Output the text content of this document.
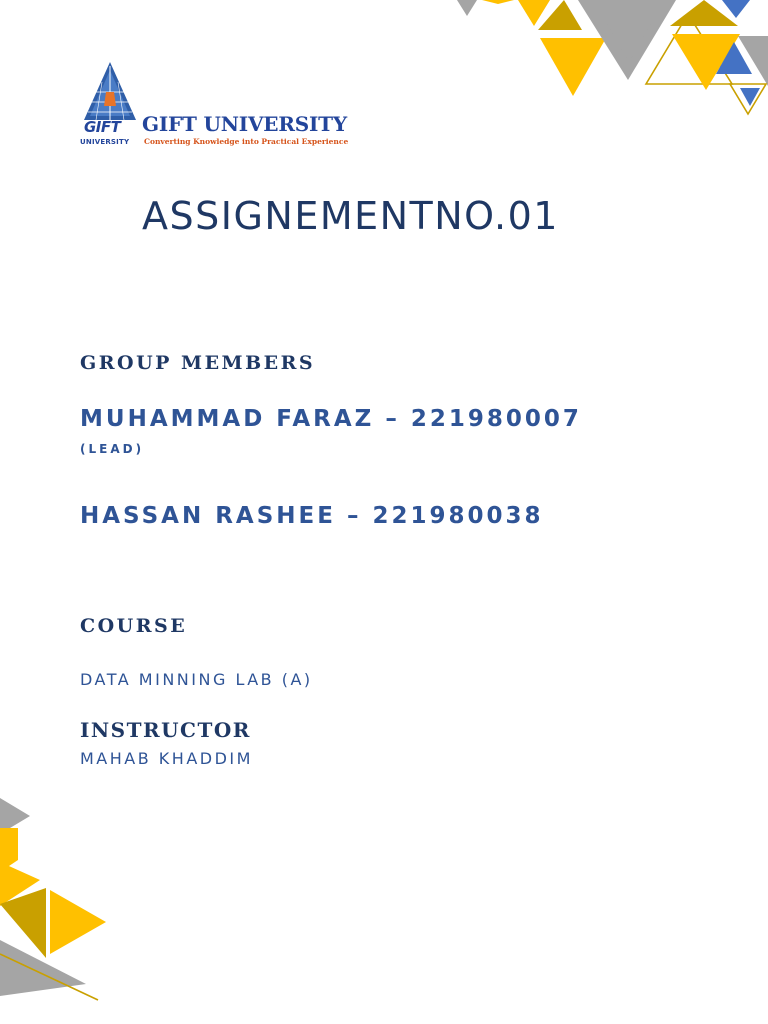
GIFT
UNIVERSITY
GIFT UNIVERSITY
Converting Knowledge into Practical Experience
ASSIGNEMENTNO.01
GROUP MEMBERS
MUHAMMAD FARAZ – 221980007
(LEAD)
HASSAN RASHEE – 221980038
COURSE
DATA MINNING LAB (A)
INSTRUCTOR
MAHAB KHADDIM
